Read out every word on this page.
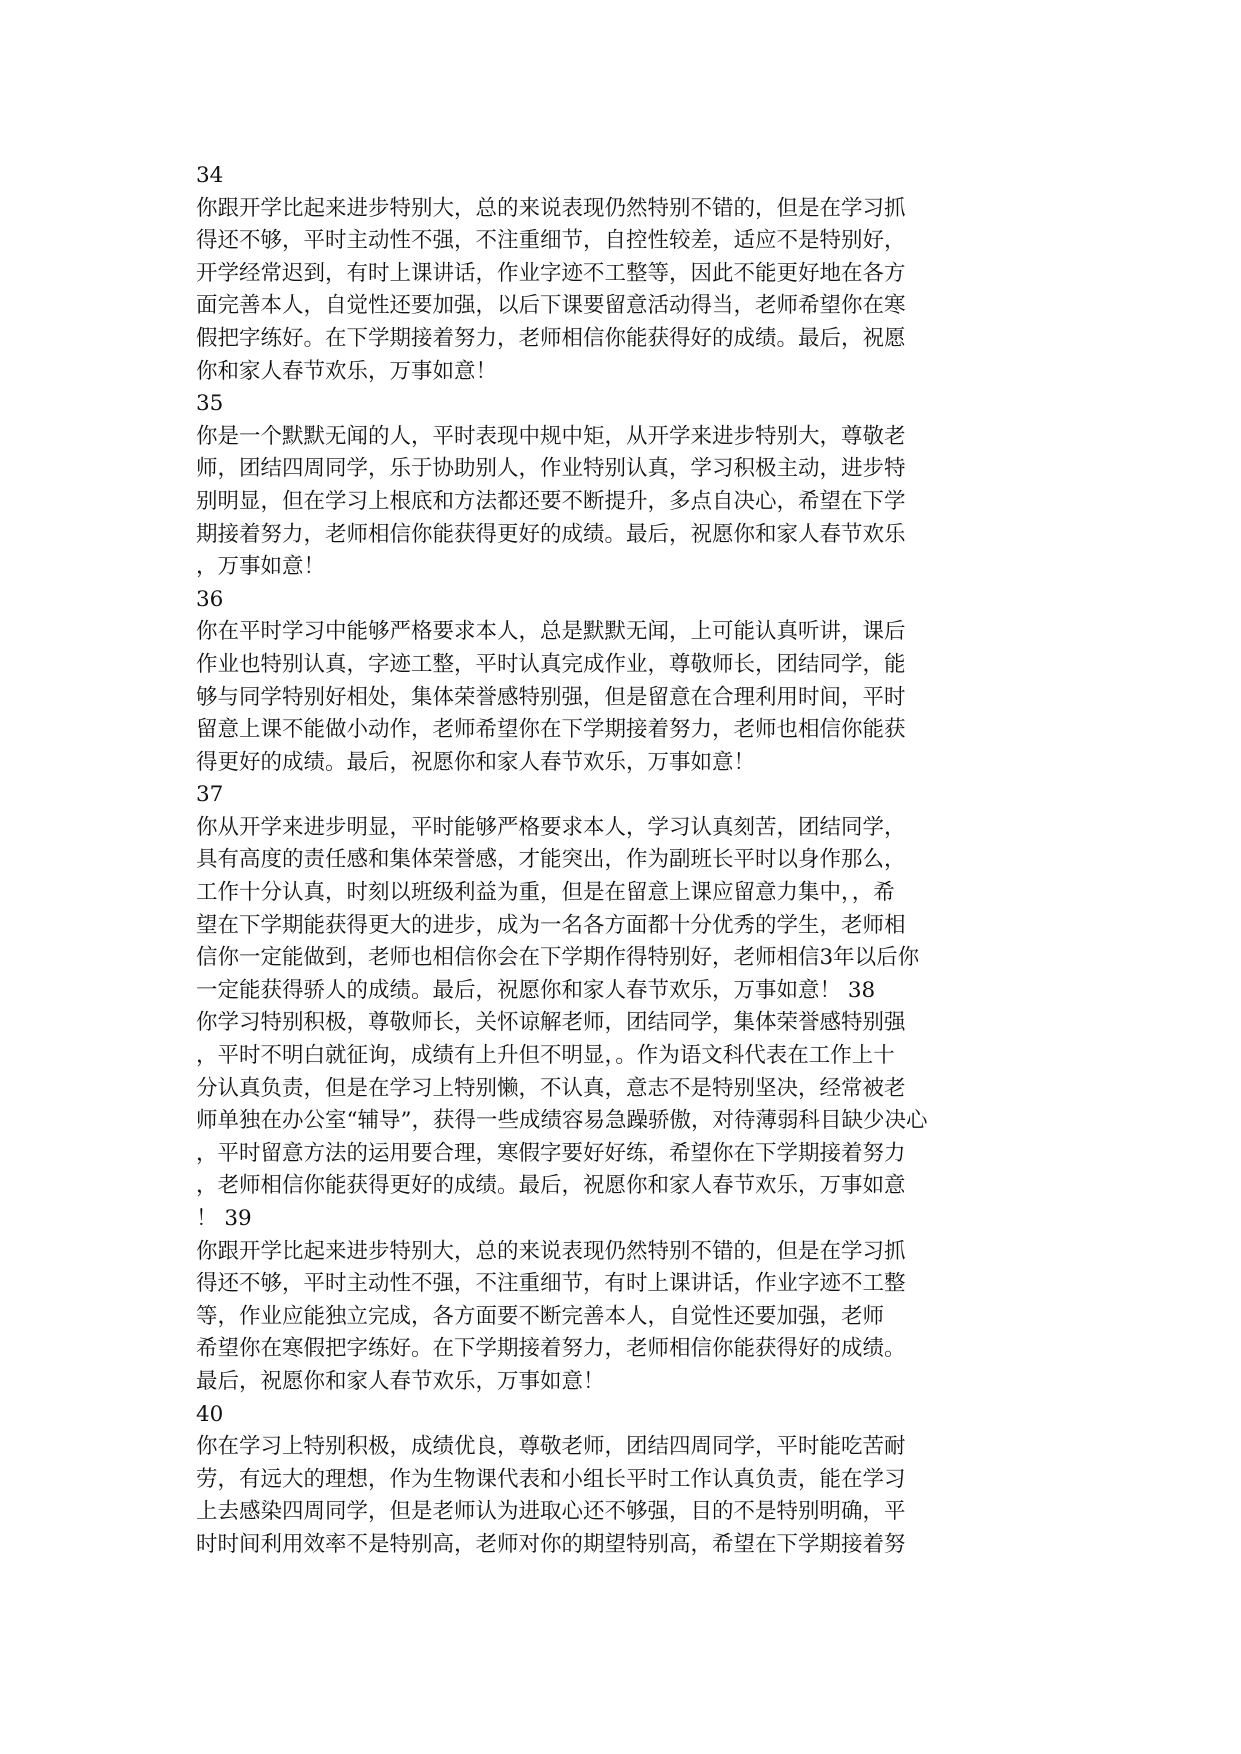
34
你跟开学比起来进步特别大，总的来说表现仍然特别不错的，但是在学习抓
得还不够，平时主动性不强，不注重细节，自控性较差，适应不是特别好，
开学经常迟到，有时上课讲话，作业字迹不工整等，因此不能更好地在各方
面完善本人，自觉性还要加强，以后下课要留意活动得当，老师希望你在寒
假把字练好。在下学期接着努力，老师相信你能获得好的成绩。最后，祝愿
你和家人春节欢乐，万事如意！
35
你是一个默默无闻的人，平时表现中规中矩，从开学来进步特别大，尊敬老
师，团结四周同学，乐于协助别人，作业特别认真，学习积极主动，进步特
别明显，但在学习上根底和方法都还要不断提升，多点自决心，希望在下学
期接着努力，老师相信你能获得更好的成绩。最后，祝愿你和家人春节欢乐
，万事如意！
36
你在平时学习中能够严格要求本人，总是默默无闻，上可能认真听讲，课后
作业也特别认真，字迹工整，平时认真完成作业，尊敬师长，团结同学，能
够与同学特别好相处，集体荣誉感特别强，但是留意在合理利用时间，平时
留意上课不能做小动作，老师希望你在下学期接着努力，老师也相信你能获
得更好的成绩。最后，祝愿你和家人春节欢乐，万事如意！
37
你从开学来进步明显，平时能够严格要求本人，学习认真刻苦，团结同学，
具有高度的责任感和集体荣誉感，才能突出，作为副班长平时以身作那么，
工作十分认真，时刻以班级利益为重，但是在留意上课应留意力集中，，希
望在下学期能获得更大的进步，成为一名各方面都十分优秀的学生，老师相
信你一定能做到，老师也相信你会在下学期作得特别好，老师相信3年以后你
一定能获得骄人的成绩。最后，祝愿你和家人春节欢乐，万事如意！ 38
你学习特别积极，尊敬师长，关怀谅解老师，团结同学，集体荣誉感特别强
，平时不明白就征询，成绩有上升但不明显，。作为语文科代表在工作上十
分认真负责，但是在学习上特别懒，不认真，意志不是特别坚决，经常被老
师单独在办公室“辅导”，获得一些成绩容易急躁骄傲，对待薄弱科目缺少决心
，平时留意方法的运用要合理，寒假字要好好练，希望你在下学期接着努力
，老师相信你能获得更好的成绩。最后，祝愿你和家人春节欢乐，万事如意
！ 39
你跟开学比起来进步特别大，总的来说表现仍然特别不错的，但是在学习抓
得还不够，平时主动性不强，不注重细节，有时上课讲话，作业字迹不工整
等，作业应能独立完成，各方面要不断完善本人，自觉性还要加强，老师
希望你在寒假把字练好。在下学期接着努力，老师相信你能获得好的成绩。
最后，祝愿你和家人春节欢乐，万事如意！
40
你在学习上特别积极，成绩优良，尊敬老师，团结四周同学，平时能吃苦耐
劳，有远大的理想，作为生物课代表和小组长平时工作认真负责，能在学习
上去感染四周同学，但是老师认为进取心还不够强，目的不是特别明确，平
时时间利用效率不是特别高，老师对你的期望特别高，希望在下学期接着努
